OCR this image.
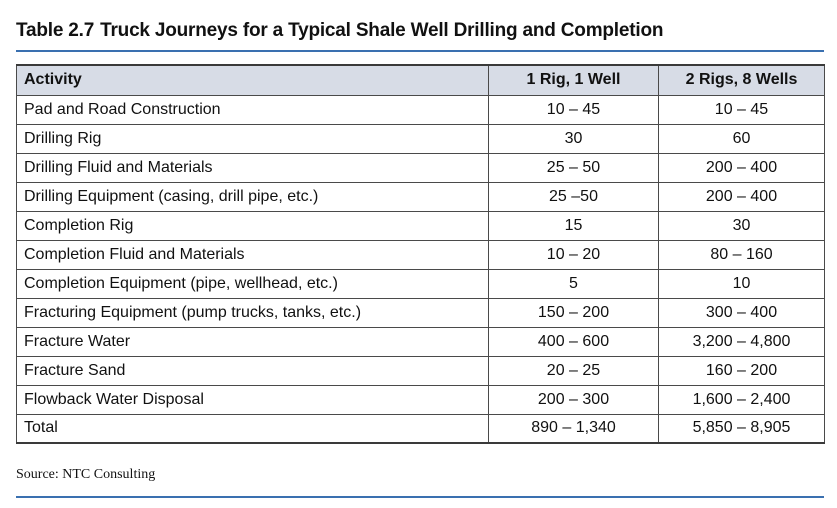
Table 2.7 Truck Journeys for a Typical Shale Well Drilling and Completion
Activity	1 Rig, 1 Well	2 Rigs, 8 Wells
Pad and Road Construction	10 – 45	10 – 45
Drilling Rig	30	60
Drilling Fluid and Materials	25 – 50	200 – 400
Drilling Equipment (casing, drill pipe, etc.)	25 –50	200 – 400
Completion Rig	15	30
Completion Fluid and Materials	10 – 20	80 – 160
Completion Equipment (pipe, wellhead, etc.)	5	10
Fracturing Equipment (pump trucks, tanks, etc.)	150 – 200	300 – 400
Fracture Water	400 – 600	3,200 – 4,800
Fracture Sand	20 – 25	160 – 200
Flowback Water Disposal	200 – 300	1,600 – 2,400
Total	890 – 1,340	5,850 – 8,905
Source: NTC Consulting
